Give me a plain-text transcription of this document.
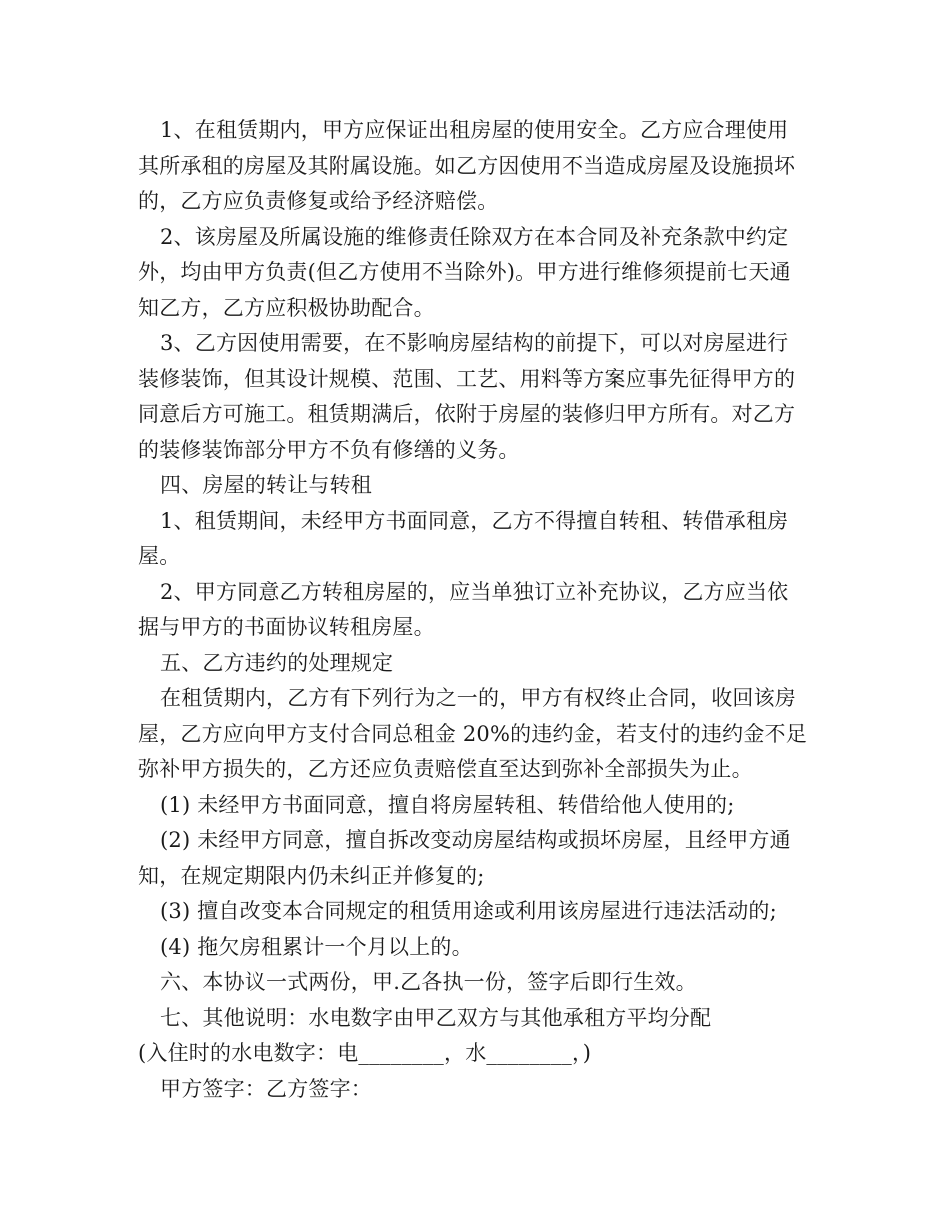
1、在租赁期内，甲方应保证出租房屋的使用安全。乙方应合理使用
其所承租的房屋及其附属设施。如乙方因使用不当造成房屋及设施损坏
的，乙方应负责修复或给予经济赔偿。
2、该房屋及所属设施的维修责任除双方在本合同及补充条款中约定
外，均由甲方负责(但乙方使用不当除外)。甲方进行维修须提前七天通
知乙方，乙方应积极协助配合。
3、乙方因使用需要，在不影响房屋结构的前提下，可以对房屋进行
装修装饰，但其设计规模、范围、工艺、用料等方案应事先征得甲方的
同意后方可施工。租赁期满后，依附于房屋的装修归甲方所有。对乙方
的装修装饰部分甲方不负有修缮的义务。
四、房屋的转让与转租
1、租赁期间，未经甲方书面同意，乙方不得擅自转租、转借承租房
屋。
2、甲方同意乙方转租房屋的，应当单独订立补充协议，乙方应当依
据与甲方的书面协议转租房屋。
五、乙方违约的处理规定
在租赁期内，乙方有下列行为之一的，甲方有权终止合同，收回该房
屋，乙方应向甲方支付合同总租金 20%的违约金，若支付的违约金不足
弥补甲方损失的，乙方还应负责赔偿直至达到弥补全部损失为止。
(1) 未经甲方书面同意，擅自将房屋转租、转借给他人使用的;
(2) 未经甲方同意，擅自拆改变动房屋结构或损坏房屋，且经甲方通
知，在规定期限内仍未纠正并修复的;
(3) 擅自改变本合同规定的租赁用途或利用该房屋进行违法活动的;
(4) 拖欠房租累计一个月以上的。
六、本协议一式两份，甲.乙各执一份，签字后即行生效。
七、其他说明：水电数字由甲乙双方与其他承租方平均分配
(入住时的水电数字：电________，水________，)
甲方签字：乙方签字：
